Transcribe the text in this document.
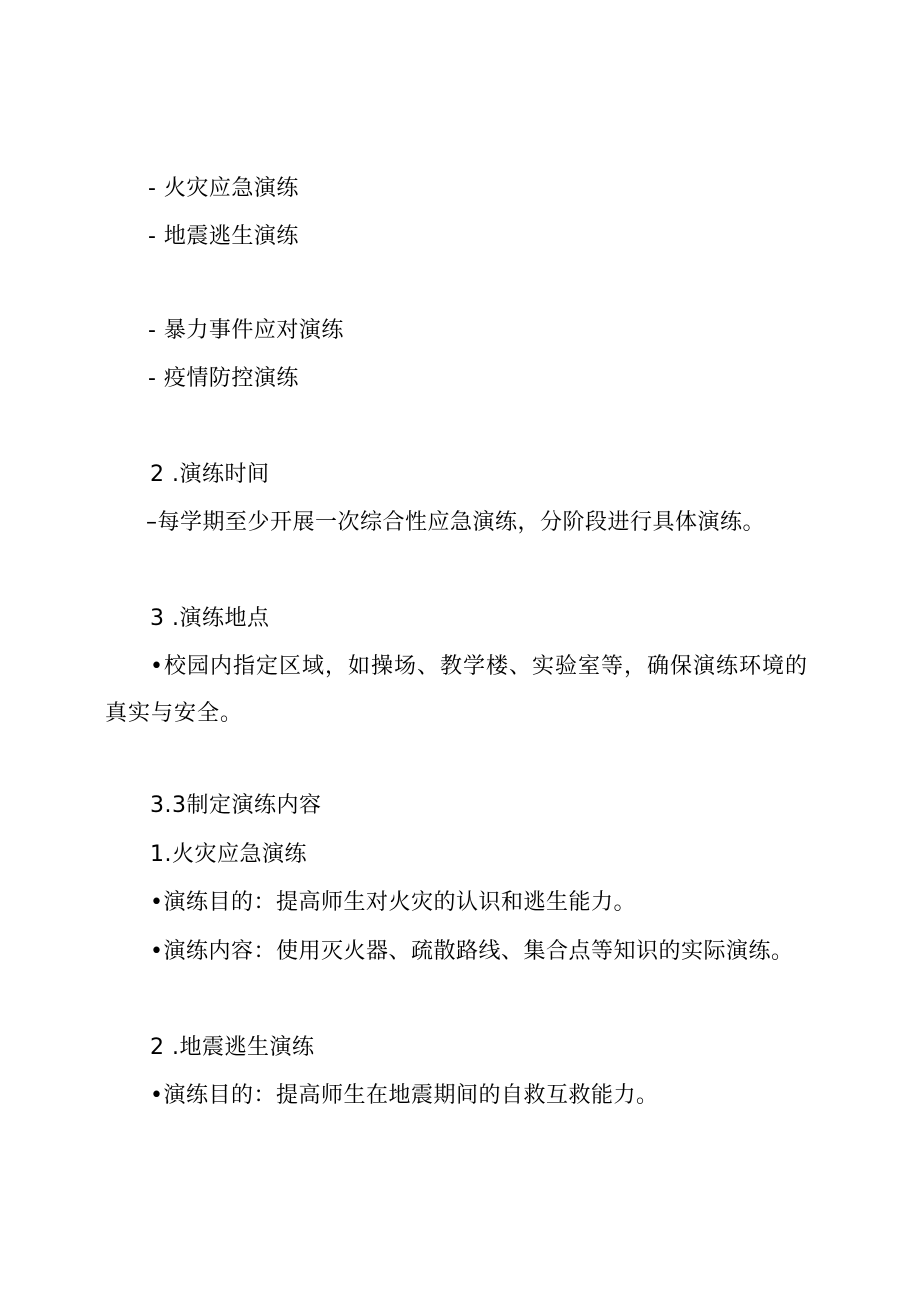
- 火灾应急演练
- 地震逃生演练
- 暴力事件应对演练
- 疫情防控演练
2 .演练时间
–每学期至少开展一次综合性应急演练，分阶段进行具体演练。
3 .演练地点
•校园内指定区域，如操场、教学楼、实验室等，确保演练环境的真实与安全。
3.3制定演练内容
1.火灾应急演练
•演练目的：提高师生对火灾的认识和逃生能力。
•演练内容：使用灭火器、疏散路线、集合点等知识的实际演练。
2 .地震逃生演练
•演练目的：提高师生在地震期间的自救互救能力。
